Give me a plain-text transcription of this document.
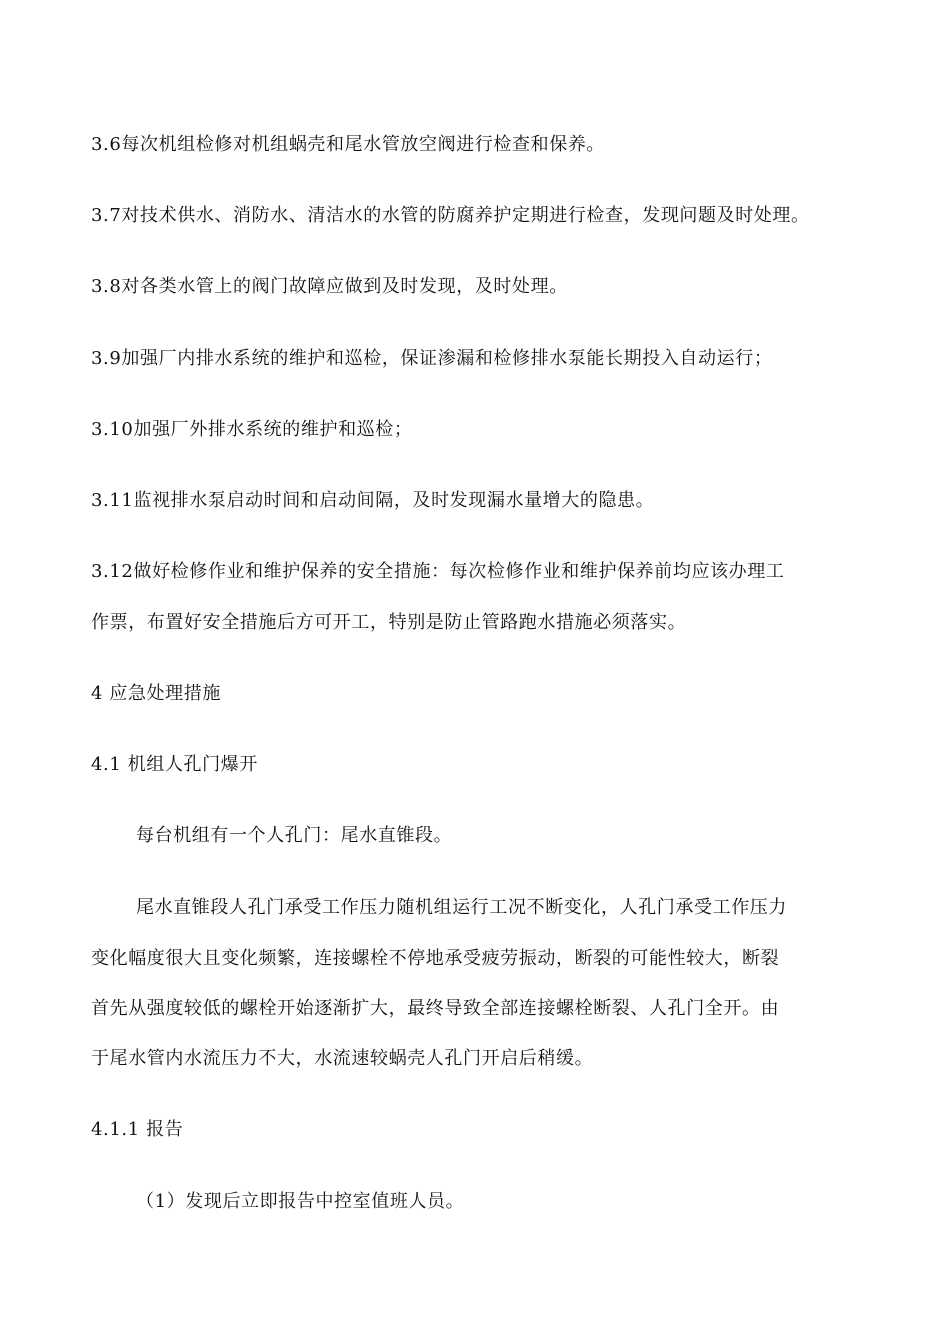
3.6每次机组检修对机组蜗壳和尾水管放空阀进行检查和保养。
3.7对技术供水、消防水、清洁水的水管的防腐养护定期进行检查，发现问题及时处理。
3.8对各类水管上的阀门故障应做到及时发现，及时处理。
3.9加强厂内排水系统的维护和巡检，保证渗漏和检修排水泵能长期投入自动运行；
3.10加强厂外排水系统的维护和巡检；
3.11监视排水泵启动时间和启动间隔，及时发现漏水量增大的隐患。
3.12做好检修作业和维护保养的安全措施：每次检修作业和维护保养前均应该办理工
作票，布置好安全措施后方可开工，特别是防止管路跑水措施必须落实。
4 应急处理措施
4.1 机组人孔门爆开
每台机组有一个人孔门：尾水直锥段。
尾水直锥段人孔门承受工作压力随机组运行工况不断变化，人孔门承受工作压力
变化幅度很大且变化频繁，连接螺栓不停地承受疲劳振动，断裂的可能性较大，断裂
首先从强度较低的螺栓开始逐渐扩大，最终导致全部连接螺栓断裂、人孔门全开。由
于尾水管内水流压力不大，水流速较蜗壳人孔门开启后稍缓。
4.1.1 报告
（1）发现后立即报告中控室值班人员。
